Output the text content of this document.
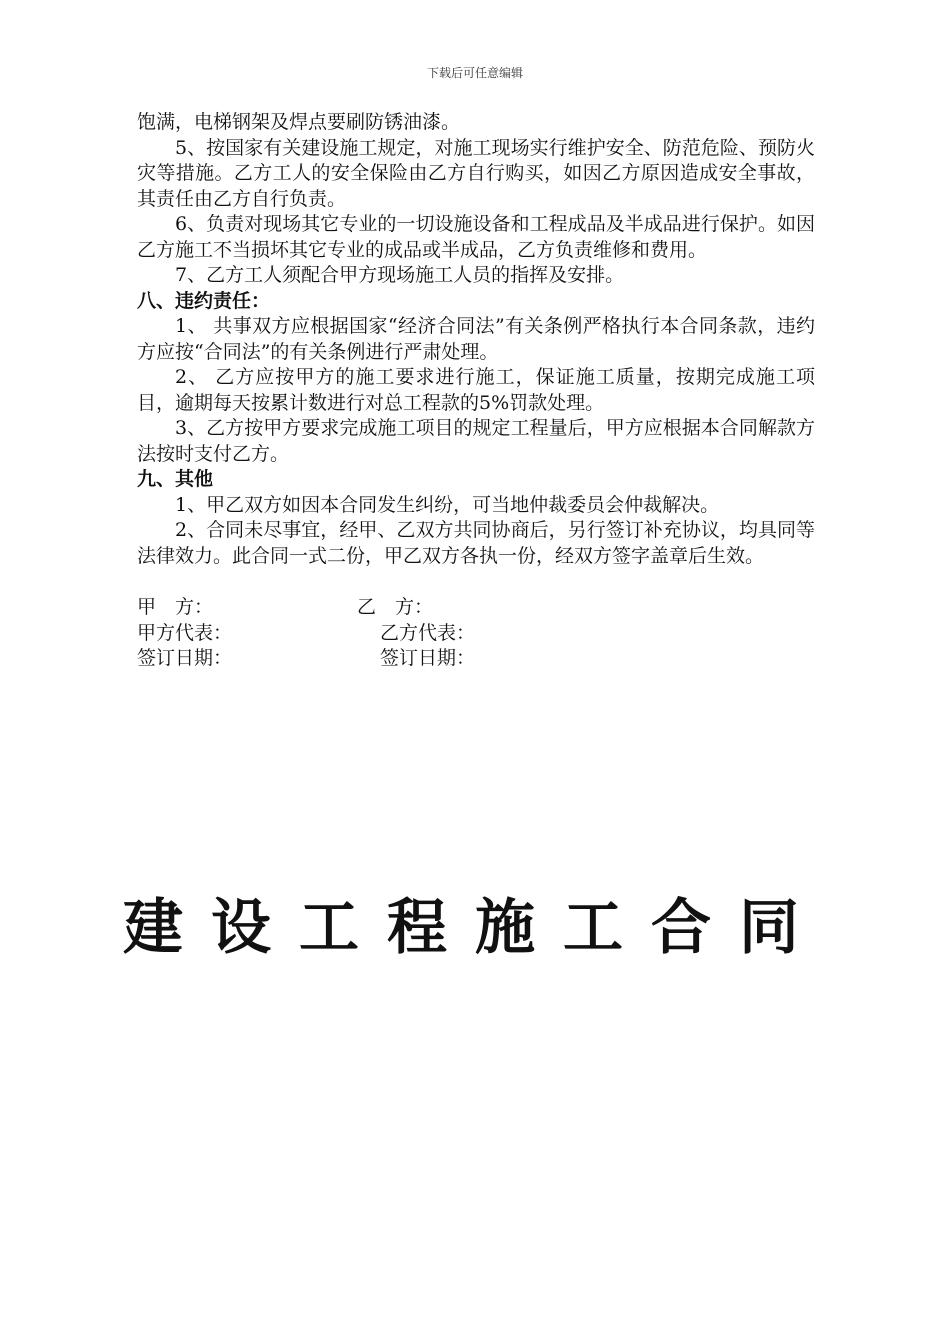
下载后可任意编辑

饱满，电梯钢架及焊点要刷防锈油漆。

5、按国家有关建设施工规定，对施工现场实行维护安全、防范危险、预防火灾等措施。乙方工人的安全保险由乙方自行购买，如因乙方原因造成安全事故，其责任由乙方自行负责。

6、负责对现场其它专业的一切设施设备和工程成品及半成品进行保护。如因乙方施工不当损坏其它专业的成品或半成品，乙方负责维修和费用。

7、乙方工人须配合甲方现场施工人员的指挥及安排。

八、违约责任：

1、 共事双方应根据国家“经济合同法”有关条例严格执行本合同条款，违约方应按“合同法”的有关条例进行严肃处理。

2、 乙方应按甲方的施工要求进行施工，保证施工质量，按期完成施工项目，逾期每天按累计数进行对总工程款的5%罚款处理。

3、乙方按甲方要求完成施工项目的规定工程量后，甲方应根据本合同解款方法按时支付乙方。

九、其他

1、甲乙双方如因本合同发生纠纷，可当地仲裁委员会仲裁解决。

2、合同未尽事宜，经甲、乙双方共同协商后，另行签订补充协议，均具同等法律效力。此合同一式二份，甲乙双方各执一份，经双方签字盖章后生效。

甲　方：	乙　方：
甲方代表：	乙方代表：
签订日期：	签订日期：
建设工程施工合同
